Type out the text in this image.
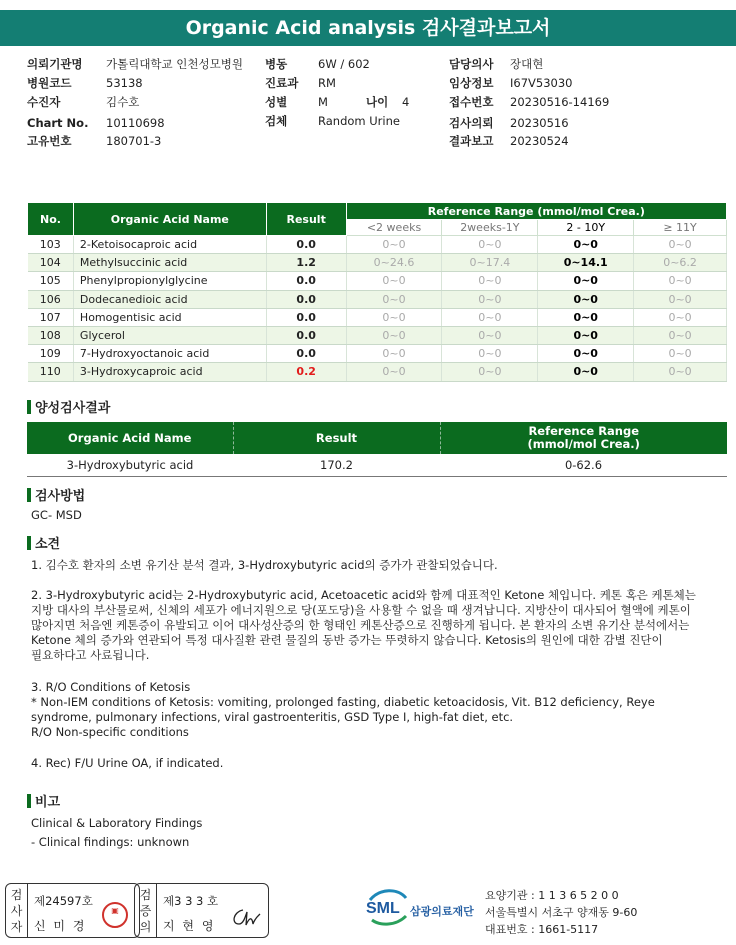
Organic Acid analysis 검사결과보고서
의뢰기관명 가톨릭대학교 인천성모병원
병원코드	53138
수진자	김수호
Chart No. 10110698
고유번호	180701-3
병동	6W / 602
진료과 RM
성별	M	나이 4
검체	Random Urine
담당의사 장대현
임상정보 I67V53030
접수번호 20230516-14169
검사의뢰 20230516
결과보고 20230524
No.	Organic Acid Name	Result	Reference Range (mmol/mol Crea.)			
			<2 weeks	2weeks-1Y	2 - 10Y	≥ 11Y
103	2-Ketoisocaproic acid	0.0	0~0	0~0	0~0	0~0
104	Methylsuccinic acid	1.2	0~24.6	0~17.4	0~14.1	0~6.2
105	Phenylpropionylglycine	0.0	0~0	0~0	0~0	0~0
106	Dodecanedioic acid	0.0	0~0	0~0	0~0	0~0
107	Homogentisic acid	0.0	0~0	0~0	0~0	0~0
108	Glycerol	0.0	0~0	0~0	0~0	0~0
109	7-Hydroxyoctanoic acid	0.0	0~0	0~0	0~0	0~0
110	3-Hydroxycaproic acid	0.2	0~0	0~0	0~0	0~0
양성검사결과
Organic Acid Name	Result	Reference Range
(mmol/mol Crea.)

3-Hydroxybutyric acid	170.2	0-62.6
검사방법
GC- MSD
소견
1. 김수호 환자의 소변 유기산 분석 결과, 3-Hydroxybutyric acid의 증가가 관찰되었습니다.
2. 3-Hydroxybutyric acid는 2-Hydroxybutyric acid, Acetoacetic acid와 함께 대표적인 Ketone 체입니다. 케톤 혹은 케톤체는
지방 대사의 부산물로써, 신체의 세포가 에너지원으로 당(포도당)을 사용할 수 없을 때 생겨납니다. 지방산이 대사되어 혈액에 케톤이
많아지면 처음엔 케톤증이 유발되고 이어 대사성산증의 한 형태인 케톤산증으로 진행하게 됩니다. 본 환자의 소변 유기산 분석에서는
Ketone 체의 증가와 연관되어 특정 대사질환 관련 물질의 동반 증가는 뚜렷하지 않습니다. Ketosis의 원인에 대한 감별 진단이
필요하다고 사료됩니다.
3. R/O Conditions of Ketosis
* Non-IEM conditions of Ketosis: vomiting, prolonged fasting, diabetic ketoacidosis, Vit. B12 deficiency, Reye
syndrome, pulmonary infections, viral gastroenteritis, GSD Type I, high-fat diet, etc.
R/O Non-specific conditions
4. Rec) F/U Urine OA, if indicated.
비고
Clinical & Laboratory Findings
- Clinical findings: unknown
검
사
자
제24597호
신 미 경
▣
검
증
의
제3 3 3 호
지 현 영
SML 삼광의료재단
요양기관 : 1 1 3 6 5 2 0 0
서울특별시 서초구 양재동 9-60
대표번호 : 1661-5117
